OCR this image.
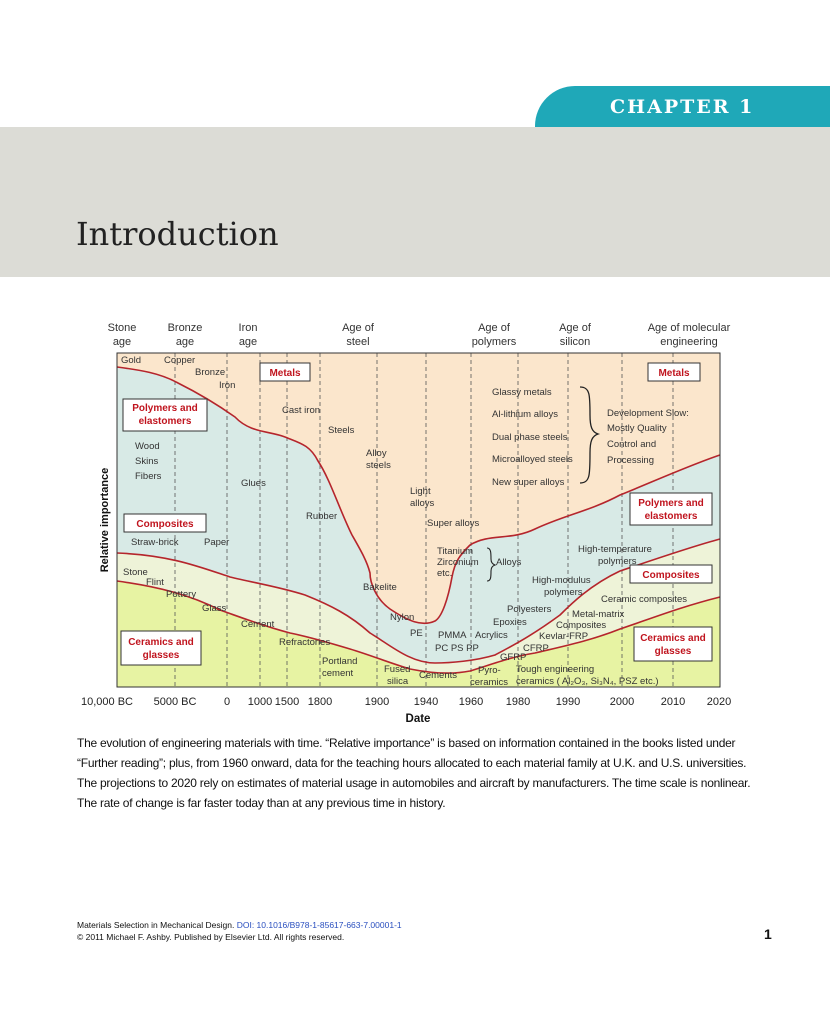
CHAPTER 1
Introduction
Stone
age
Bronze
age
Iron
age
Age of
steel
Age of
polymers
Age of
silicon
Age of molecular
engineering
Metals	Metals
Polymers and
elastomers
Polymers and
elastomers
Composites
Composites
Ceramics and
glasses
Ceramics and
glasses
Gold Copper
Bronze
Iron
Cast iron
Steels
Alloy
steels
Light
alloys
Super alloys
Titanium
Zirconium
etc.
Alloys
Glassy metals
Al-lithium alloys
Dual phase steels
Microalloyed steels
New super alloys
Development Slow:
Mostly Quality
Control and
Processing
Wood
Skins
Fibers
Glues
Rubber
Bakelite
Nylon
PE PMMA Acrylics
PC PS PP
Epoxies
Polyesters
High-modulus
polymers
High-temperature
polymers
Straw-brick	Paper
GFRP
CFRP
Kevlar-FRP
Metal-matrix
Composites
Ceramic composites
Stone
Flint
Pottery
Glass
Cement
Refractories
Portland
cement	Fused
silica
Cements Pyro-
ceramics
Tough engineering
ceramics ( Al₂O₃, Si₃N₄, PSZ etc.)
10,000 BC 5000 BC	0 1000 1500 1800	1900 1940 1960 1980 1990	2000 2010 2020
Date
Relative importance
The evolution of engineering materials with time. “Relative importance” is based on information contained in the books listed under
“Further reading”; plus, from 1960 onward, data for the teaching hours allocated to each material family at U.K. and U.S. universities.
The projections to 2020 rely on estimates of material usage in automobiles and aircraft by manufacturers. The time scale is nonlinear.
The rate of change is far faster today than at any previous time in history.
Materials Selection in Mechanical Design. DOI: 10.1016/B978-1-85617-663-7.00001-1
© 2011 Michael F. Ashby. Published by Elsevier Ltd. All rights reserved.	1
